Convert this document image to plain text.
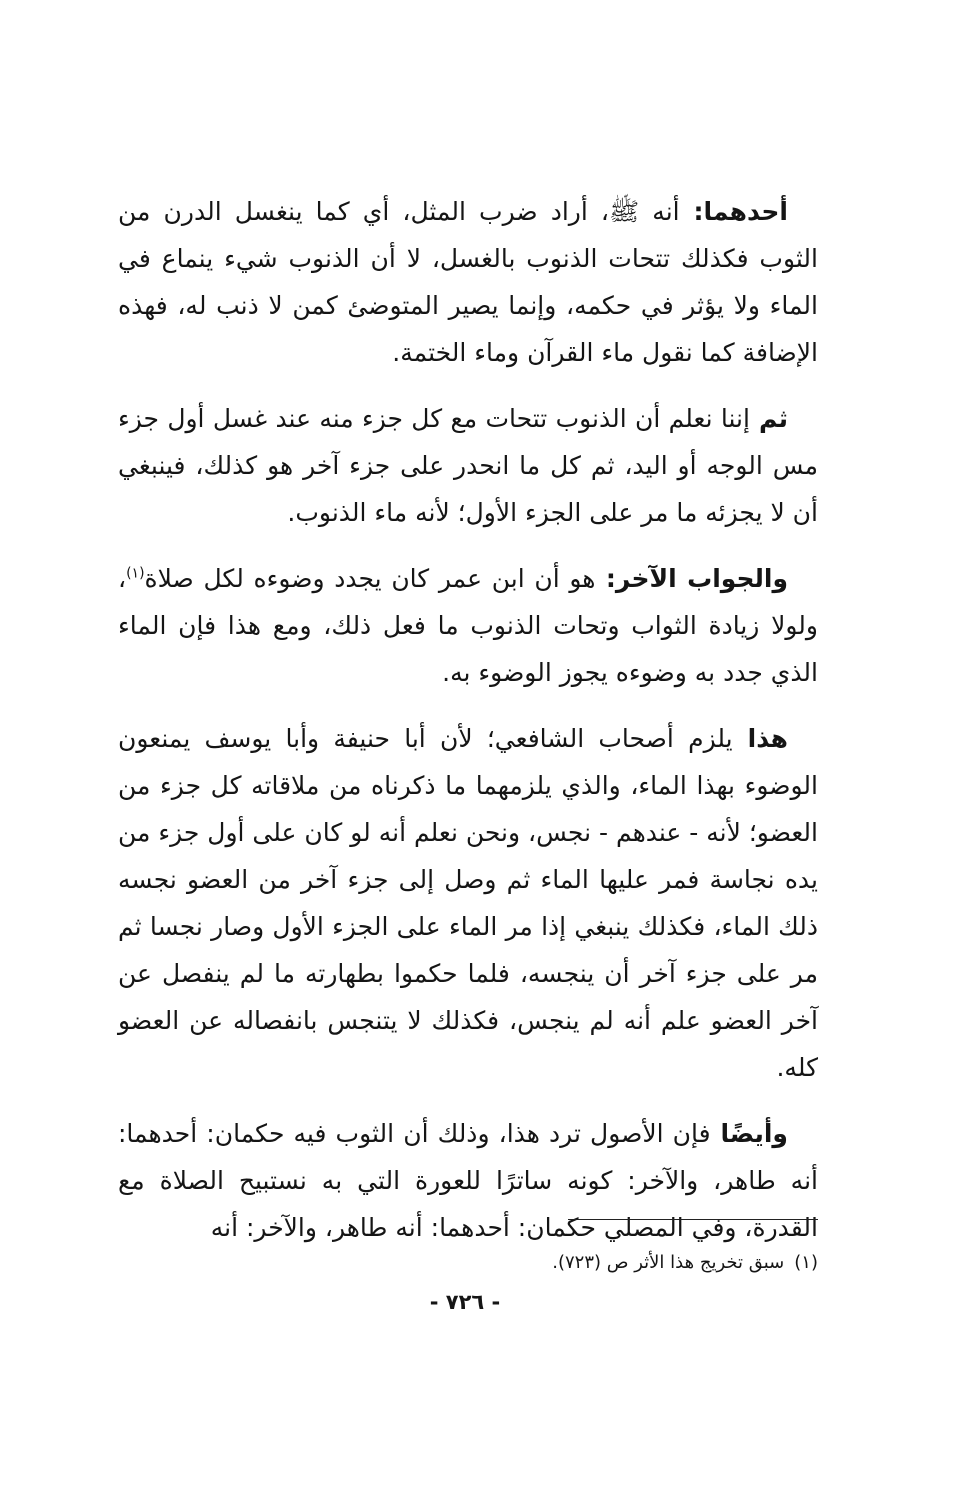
أحدهما: أنه ﷺ، أراد ضرب المثل، أي كما ينغسل الدرن من الثوب فكذلك تتحات الذنوب بالغسل، لا أن الذنوب شيء ينماع في الماء ولا يؤثر في حكمه، وإنما يصير المتوضئ كمن لا ذنب له، فهذه الإضافة كما نقول ماء القرآن وماء الختمة.

ثم إننا نعلم أن الذنوب تتحات مع كل جزء منه عند غسل أول جزء مس الوجه أو اليد، ثم كل ما انحدر على جزء آخر هو كذلك، فينبغي أن لا يجزئه ما مر على الجزء الأول؛ لأنه ماء الذنوب.

والجواب الآخر: هو أن ابن عمر كان يجدد وضوءه لكل صلاة$^{(١)}$، ولولا زيادة الثواب وتحات الذنوب ما فعل ذلك، ومع هذا فإن الماء الذي جدد به وضوءه يجوز الوضوء به.

هذا يلزم أصحاب الشافعي؛ لأن أبا حنيفة وأبا يوسف يمنعون الوضوء بهذا الماء، والذي يلزمهما ما ذكرناه من ملاقاته كل جزء من العضو؛ لأنه - عندهم - نجس، ونحن نعلم أنه لو كان على أول جزء من يده نجاسة فمر عليها الماء ثم وصل إلى جزء آخر من العضو نجسه ذلك الماء، فكذلك ينبغي إذا مر الماء على الجزء الأول وصار نجسا ثم مر على جزء آخر أن ينجسه، فلما حكموا بطهارته ما لم ينفصل عن آخر العضو علم أنه لم ينجس، فكذلك لا يتنجس بانفصاله عن العضو كله.

وأيضًا فإن الأصول ترد هذا، وذلك أن الثوب فيه حكمان: أحدهما: أنه طاهر، والآخر: كونه ساترًا للعورة التي به نستبيح الصلاة مع القدرة، وفي المصلي حكمان: أحدهما: أنه طاهر، والآخر: أنه

(١)سبق تخريج هذا الأثر ص (٧٢٣).
- ٧٢٦ -
